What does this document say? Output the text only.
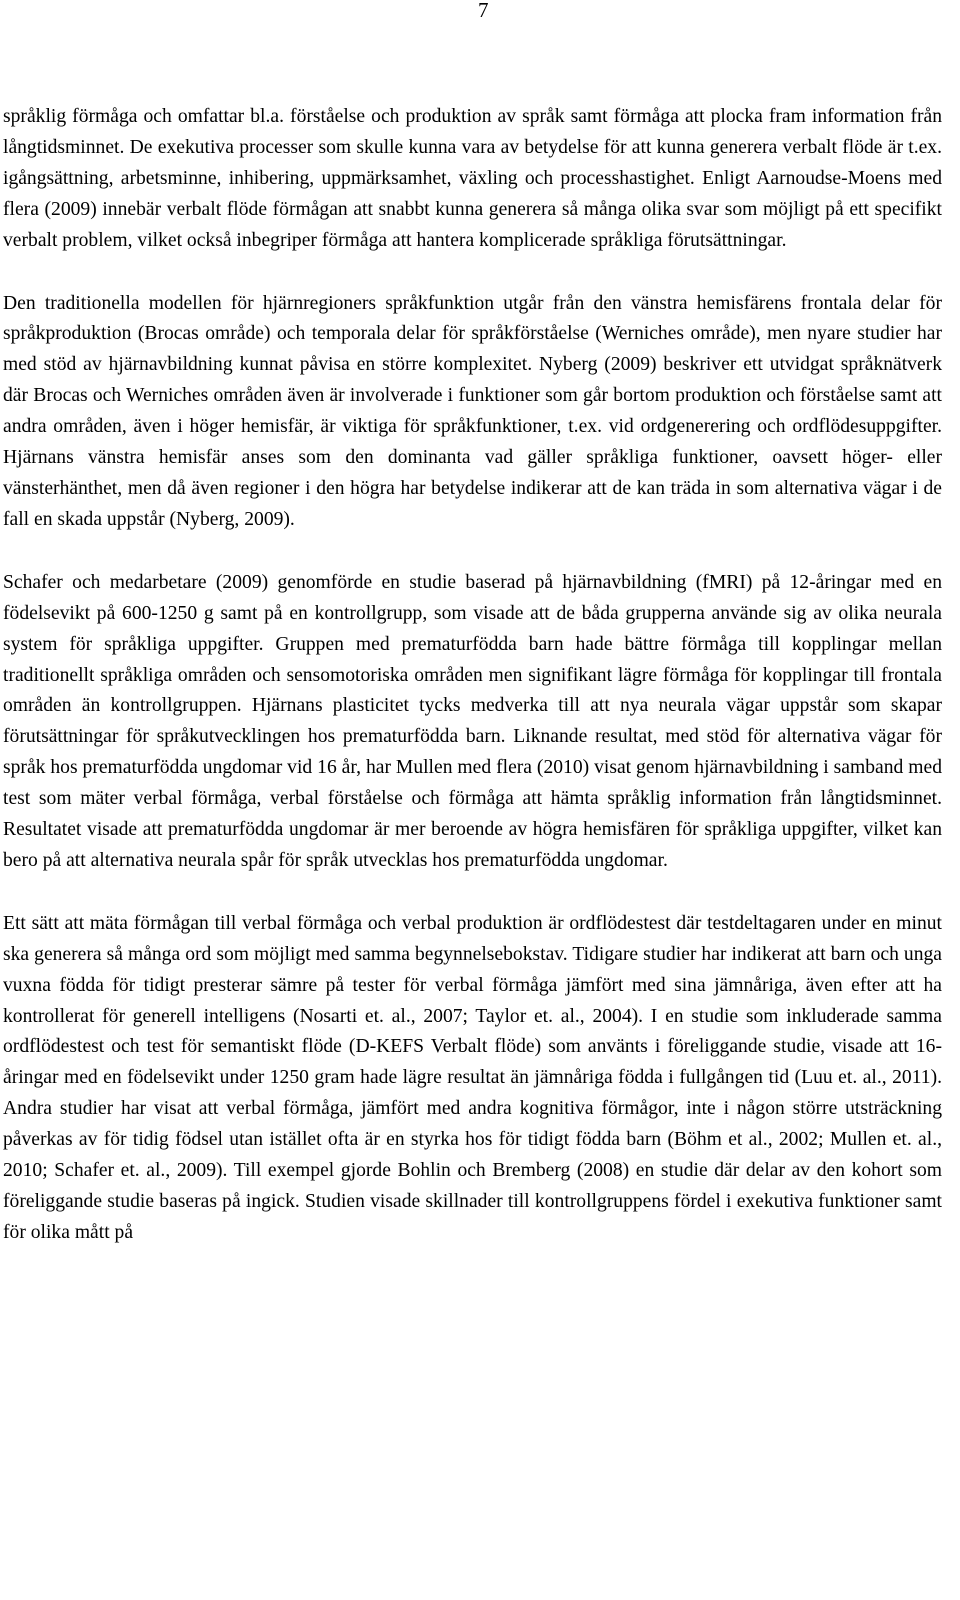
7

språklig förmåga och omfattar bl.a. förståelse och produktion av språk samt förmåga att plocka fram information från långtidsminnet. De exekutiva processer som skulle kunna vara av betydelse för att kunna generera verbalt flöde är t.ex. igångsättning, arbetsminne, inhibering, uppmärksamhet, växling och processhastighet. Enligt Aarnoudse-Moens med flera (2009) innebär verbalt flöde förmågan att snabbt kunna generera så många olika svar som möjligt på ett specifikt verbalt problem, vilket också inbegriper förmåga att hantera komplicerade språkliga förutsättningar.

Den traditionella modellen för hjärnregioners språkfunktion utgår från den vänstra hemisfärens frontala delar för språkproduktion (Brocas område) och temporala delar för språkförståelse (Werniches område), men nyare studier har med stöd av hjärnavbildning kunnat påvisa en större komplexitet. Nyberg (2009) beskriver ett utvidgat språknätverk där Brocas och Werniches områden även är involverade i funktioner som går bortom produktion och förståelse samt att andra områden, även i höger hemisfär, är viktiga för språkfunktioner, t.ex. vid ordgenerering och ordflödesuppgifter. Hjärnans vänstra hemisfär anses som den dominanta vad gäller språkliga funktioner, oavsett höger- eller vänsterhänthet, men då även regioner i den högra har betydelse indikerar att de kan träda in som alternativa vägar i de fall en skada uppstår (Nyberg, 2009).

Schafer och medarbetare (2009) genomförde en studie baserad på hjärnavbildning (fMRI) på 12-åringar med en födelsevikt på 600-1250 g samt på en kontrollgrupp, som visade att de båda grupperna använde sig av olika neurala system för språkliga uppgifter. Gruppen med prematurfödda barn hade bättre förmåga till kopplingar mellan traditionellt språkliga områden och sensomotoriska områden men signifikant lägre förmåga för kopplingar till frontala områden än kontrollgruppen. Hjärnans plasticitet tycks medverka till att nya neurala vägar uppstår som skapar förutsättningar för språkutvecklingen hos prematurfödda barn. Liknande resultat, med stöd för alternativa vägar för språk hos prematurfödda ungdomar vid 16 år, har Mullen med flera (2010) visat genom hjärnavbildning i samband med test som mäter verbal förmåga, verbal förståelse och förmåga att hämta språklig information från långtidsminnet. Resultatet visade att prematurfödda ungdomar är mer beroende av högra hemisfären för språkliga uppgifter, vilket kan bero på att alternativa neurala spår för språk utvecklas hos prematurfödda ungdomar.

Ett sätt att mäta förmågan till verbal förmåga och verbal produktion är ordflödestest där testdeltagaren under en minut ska generera så många ord som möjligt med samma begynnelsebokstav. Tidigare studier har indikerat att barn och unga vuxna födda för tidigt presterar sämre på tester för verbal förmåga jämfört med sina jämnåriga, även efter att ha kontrollerat för generell intelligens (Nosarti et. al., 2007; Taylor et. al., 2004). I en studie som inkluderade samma ordflödestest och test för semantiskt flöde (D-KEFS Verbalt flöde) som använts i föreliggande studie, visade att 16-åringar med en födelsevikt under 1250 gram hade lägre resultat än jämnåriga födda i fullgången tid (Luu et. al., 2011). Andra studier har visat att verbal förmåga, jämfört med andra kognitiva förmågor, inte i någon större utsträckning påverkas av för tidig födsel utan istället ofta är en styrka hos för tidigt födda barn (Böhm et al., 2002; Mullen et. al., 2010; Schafer et. al., 2009). Till exempel gjorde Bohlin och Bremberg (2008) en studie där delar av den kohort som föreliggande studie baseras på ingick. Studien visade skillnader till kontrollgruppens fördel i exekutiva funktioner samt för olika mått på
